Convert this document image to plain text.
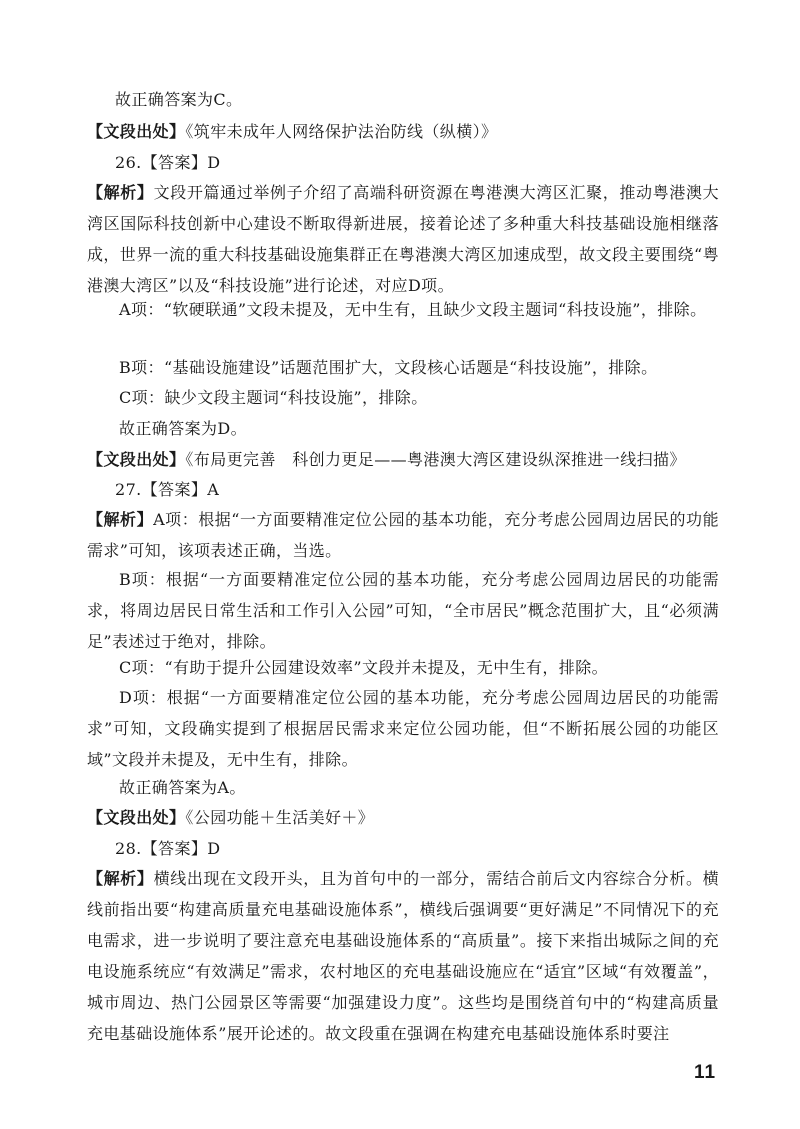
故正确答案为C。
【文段出处】《筑牢未成年人网络保护法治防线（纵横）》
26.【答案】D
【解析】文段开篇通过举例子介绍了高端科研资源在粤港澳大湾区汇聚，推动粤港澳大湾区国际科技创新中心建设不断取得新进展，接着论述了多种重大科技基础设施相继落成，世界一流的重大科技基础设施集群正在粤港澳大湾区加速成型，故文段主要围绕“粤港澳大湾区”以及“科技设施”进行论述，对应D项。
A项：“软硬联通”文段未提及，无中生有，且缺少文段主题词“科技设施”，排除。
B项：“基础设施建设”话题范围扩大，文段核心话题是“科技设施”，排除。
C项：缺少文段主题词“科技设施”，排除。
故正确答案为D。
【文段出处】《布局更完善　科创力更足——粤港澳大湾区建设纵深推进一线扫描》
27.【答案】A
【解析】A项：根据“一方面要精准定位公园的基本功能，充分考虑公园周边居民的功能需求”可知，该项表述正确，当选。
B项：根据“一方面要精准定位公园的基本功能，充分考虑公园周边居民的功能需求，将周边居民日常生活和工作引入公园”可知，“全市居民”概念范围扩大，且“必须满足”表述过于绝对，排除。
C项：“有助于提升公园建设效率”文段并未提及，无中生有，排除。
D项：根据“一方面要精准定位公园的基本功能，充分考虑公园周边居民的功能需求”可知，文段确实提到了根据居民需求来定位公园功能，但“不断拓展公园的功能区域”文段并未提及，无中生有，排除。
故正确答案为A。
【文段出处】《公园功能＋生活美好＋》
28.【答案】D
【解析】横线出现在文段开头，且为首句中的一部分，需结合前后文内容综合分析。横线前指出要“构建高质量充电基础设施体系”，横线后强调要“更好满足”不同情况下的充电需求，进一步说明了要注意充电基础设施体系的“高质量”。接下来指出城际之间的充电设施系统应“有效满足”需求，农村地区的充电基础设施应在“适宜”区域“有效覆盖”，城市周边、热门公园景区等需要“加强建设力度”。这些均是围绕首句中的“构建高质量充电基础设施体系”展开论述的。故文段重在强调在构建充电基础设施体系时要注
11
